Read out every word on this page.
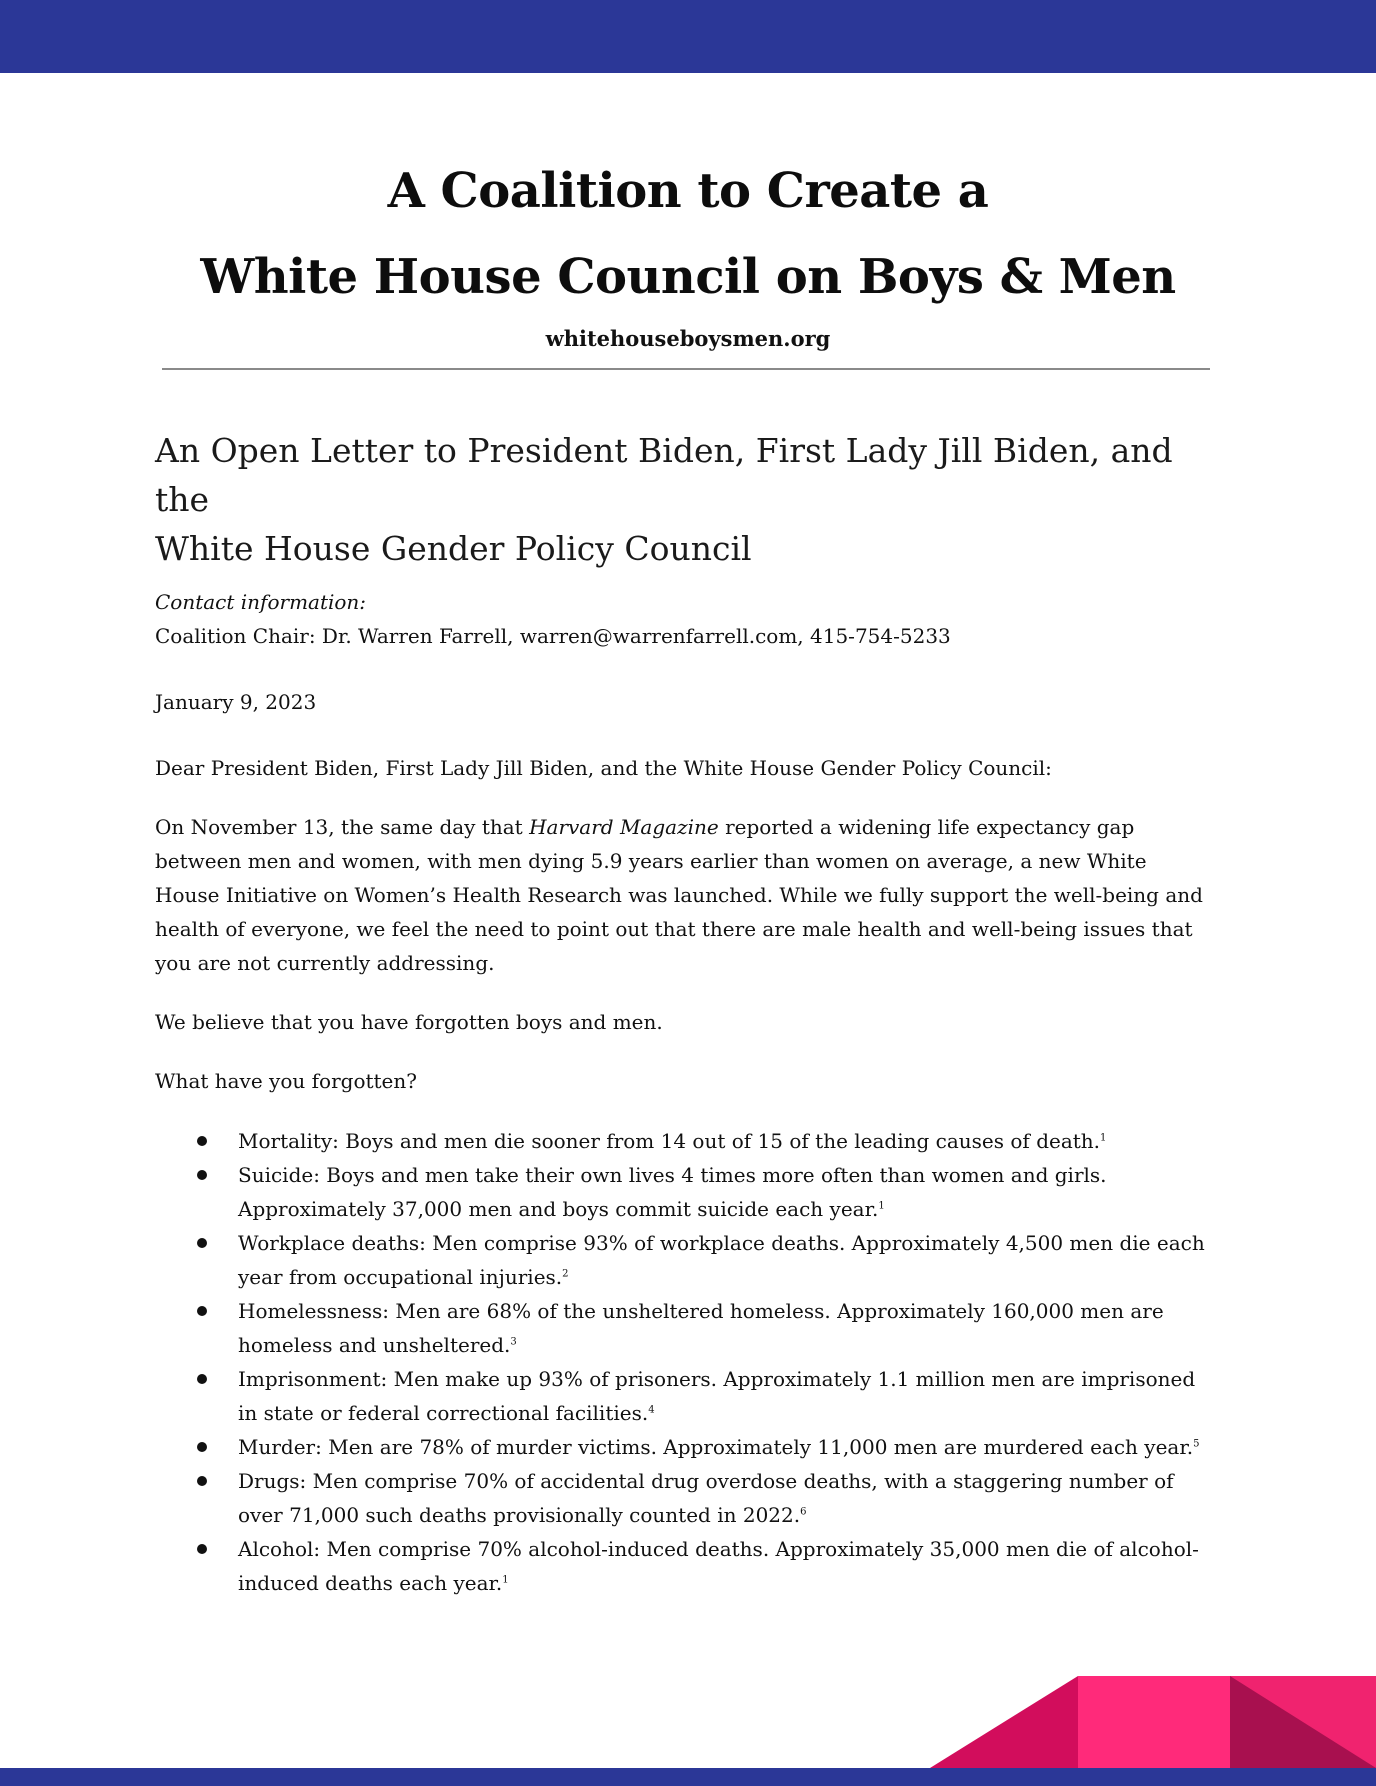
A Coalition to Create a
White House Council on Boys & Men
whitehouseboysmen.org
An Open Letter to President Biden, First Lady Jill Biden, and the
White House Gender Policy Council
Contact information:
Coalition Chair: Dr. Warren Farrell, warren@warrenfarrell.com, 415-754-5233
January 9, 2023
Dear President Biden, First Lady Jill Biden, and the White House Gender Policy Council:
On November 13, the same day that Harvard Magazine reported a widening life expectancy gap between men and women, with men dying 5.9 years earlier than women on average, a new White House Initiative on Women’s Health Research was launched. While we fully support the well-being and health of everyone, we feel the need to point out that there are male health and well-being issues that you are not currently addressing.
We believe that you have forgotten boys and men.
What have you forgotten?
Mortality: Boys and men die sooner from 14 out of 15 of the leading causes of death.$^1$
Suicide: Boys and men take their own lives 4 times more often than women and girls. Approximately 37,000 men and boys commit suicide each year.$^1$
Workplace deaths: Men comprise 93% of workplace deaths. Approximately 4,500 men die each year from occupational injuries.$^2$
Homelessness: Men are 68% of the unsheltered homeless. Approximately 160,000 men are homeless and unsheltered.$^3$
Imprisonment: Men make up 93% of prisoners. Approximately 1.1 million men are imprisoned in state or federal correctional facilities.$^4$
Murder: Men are 78% of murder victims. Approximately 11,000 men are murdered each year.$^5$
Drugs: Men comprise 70% of accidental drug overdose deaths, with a staggering number of over 71,000 such deaths provisionally counted in 2022.$^6$
Alcohol: Men comprise 70% alcohol-induced deaths. Approximately 35,000 men die of alcohol-induced deaths each year.$^1$
